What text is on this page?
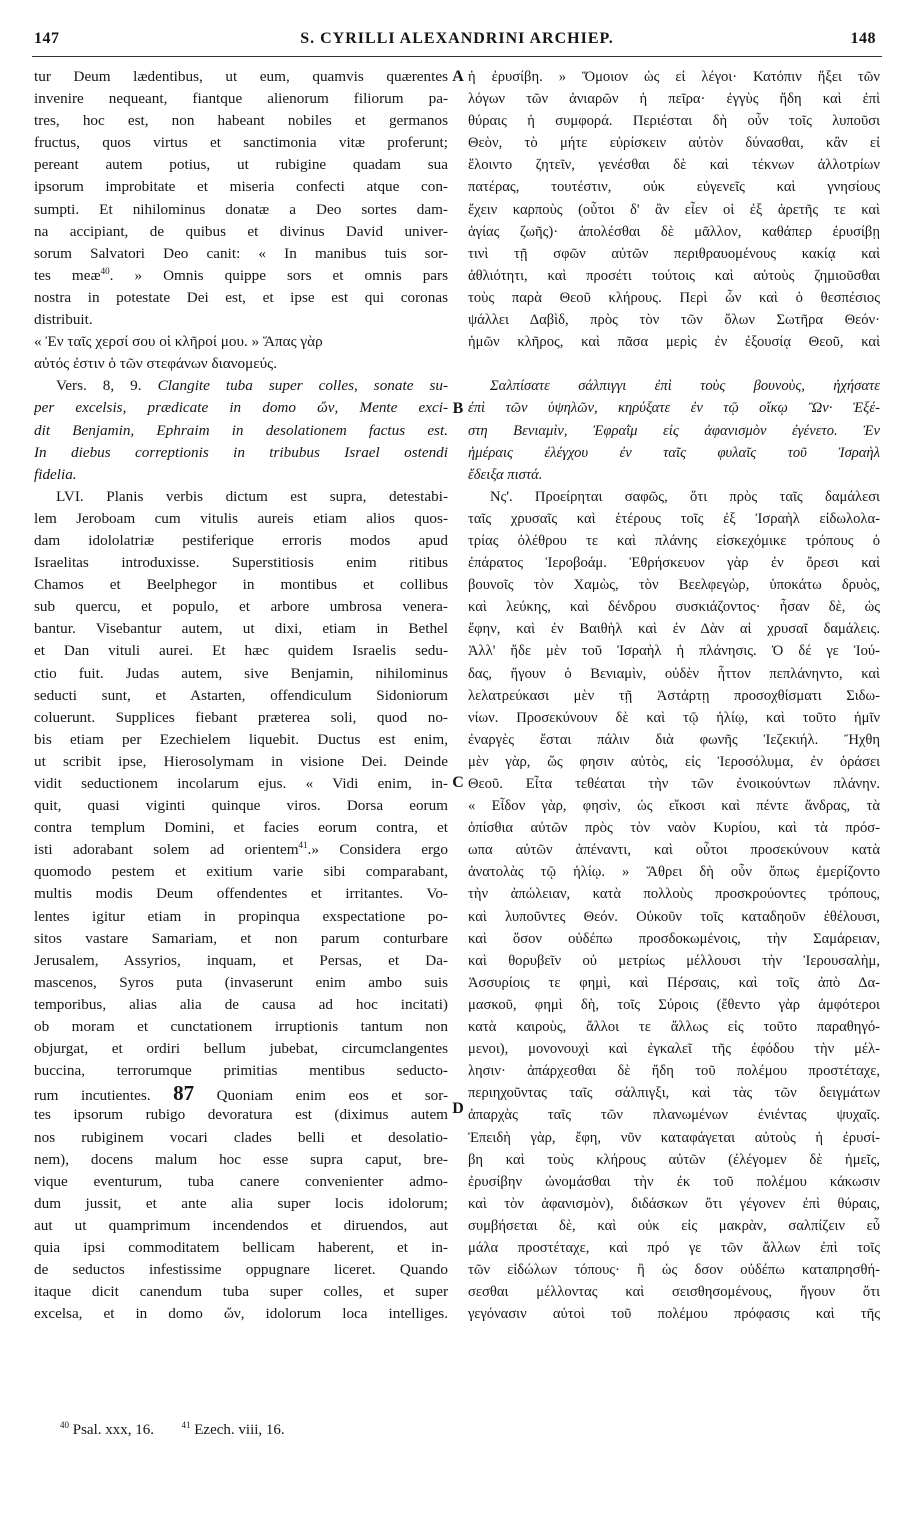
147	S. CYRILLI ALEXANDRINI ARCHIEP.	148
A
B
C
D
tur Deum lædentibus, ut eum, quamvis quærentes
invenire nequeant, fiantque alienorum filiorum pa-
tres, hoc est, non habeant nobiles et germanos
fructus, quos virtus et sanctimonia vitæ proferunt;
pereant autem potius, ut rubigine quadam sua
ipsorum improbitate et miseria confecti atque con-
sumpti. Et nihilominus donatæ a Deo sortes dam-
na accipiant, de quibus et divinus David univer-
sorum Salvatori Deo canit: « In manibus tuis sor-
tes meæ$^{40}$. » Omnis quippe sors et omnis pars
nostra in potestate Dei est, et ipse est qui coronas
distribuit.
« Ἐν ταῖς χερσί σου οἱ κλῆροί μου. » Ἅπας γὰρ
αὐτός ἐστιν ὁ τῶν στεφάνων διανομεύς.
Vers. 8, 9. Clangite tuba super colles, sonate su-
per excelsis, prædicate in domo ὤν, Mente exci-
dit Benjamin, Ephraim in desolationem factus est.
In diebus correptionis in tribubus Israel ostendi
fidelia.
LVI. Planis verbis dictum est supra, detestabi-
lem Jeroboam cum vitulis aureis etiam alios quos-
dam idololatriæ pestiferique erroris modos apud
Israelitas introduxisse. Superstitiosis enim ritibus
Chamos et Beelphegor in montibus et collibus
sub quercu, et populo, et arbore umbrosa venera-
bantur. Visebantur autem, ut dixi, etiam in Bethel
et Dan vituli aurei. Et hæc quidem Israelis sedu-
ctio fuit. Judas autem, sive Benjamin, nihilominus
seducti sunt, et Astarten, offendiculum Sidoniorum
coluerunt. Supplices fiebant præterea soli, quod no-
bis etiam per Ezechielem liquebit. Ductus est enim,
ut scribit ipse, Hierosolymam in visione Dei. Deinde
vidit seductionem incolarum ejus. « Vidi enim, in-
quit, quasi viginti quinque viros. Dorsa eorum
contra templum Domini, et facies eorum contra, et
isti adorabant solem ad orientem$^{41}$.» Considera ergo
quomodo pestem et exitium varie sibi comparabant,
multis modis Deum offendentes et irritantes. Vo-
lentes igitur etiam in propinqua exspectatione po-
sitos vastare Samariam, et non parum conturbare
Jerusalem, Assyrios, inquam, et Persas, et Da-
mascenos, Syros puta (invaserunt enim ambo suis
temporibus, alias alia de causa ad hoc incitati)
ob moram et cunctationem irruptionis tantum non
objurgat, et ordiri bellum jubebat, circumclangentes
buccina, terrorumque primitias mentibus seducto-
rum incutientes. 87 Quoniam enim eos et sor-
tes ipsorum rubigo devoratura est (diximus autem
nos rubiginem vocari clades belli et desolatio-
nem), docens malum hoc esse supra caput, bre-
vique eventurum, tuba canere convenienter admo-
dum jussit, et ante alia super locis idolorum;
aut ut quamprimum incendendos et diruendos, aut
quia ipsi commoditatem bellicam haberent, et in-
de seductos infestissime oppugnare liceret. Quando
itaque dicit canendum tuba super colles, et super
excelsa, et in domo ὤν, idolorum loca intelliges.
ἡ ἐρυσίβη. » Ὅμοιον ὡς εἰ λέγοι· Κατόπιν ἥξει τῶν
λόγων τῶν ἀνιαρῶν ἡ πεῖρα· ἐγγὺς ἤδη καὶ ἐπὶ
θύραις ἡ συμφορά. Περιέσται δὴ οὖν τοῖς λυποῦσι
Θεὸν, τὸ μήτε εὑρίσκειν αὐτὸν δύνασθαι, κἂν εἰ
ἕλοιντο ζητεῖν, γενέσθαι δὲ καὶ τέκνων ἀλλοτρίων
πατέρας, τουτέστιν, οὐκ εὐγενεῖς καὶ γνησίους
ἔχειν καρποὺς (οὗτοι δ' ἂν εἶεν οἱ ἐξ ἀρετῆς τε καὶ
ἁγίας ζωῆς)· ἀπολέσθαι δὲ μᾶλλον, καθάπερ ἐρυσίβῃ
τινὶ τῇ σφῶν αὐτῶν περιθραυομένους κακίᾳ καὶ
ἀθλιότητι, καὶ προσέτι τούτοις καὶ αὐτοὺς ζημιοῦσθαι
τοὺς παρὰ Θεοῦ κλήρους. Περὶ ὧν καὶ ὁ θεσπέσιος
ψάλλει Δαβὶδ, πρὸς τὸν τῶν ὅλων Σωτῆρα Θεόν·
ἡμῶν κλῆρος, καὶ πᾶσα μερὶς ἐν ἐξουσίᾳ Θεοῦ, καὶ
Σαλπίσατε σάλπιγγι ἐπὶ τοὺς βουνοὺς, ἠχήσατε
ἐπὶ τῶν ὑψηλῶν, κηρύξατε ἐν τῷ οἴκῳ Ὢν· Ἐξέ-
στη Βενιαμὶν, Ἐφραῒμ εἰς ἀφανισμὸν ἐγένετο. Ἐν
ἡμέραις ἐλέγχου ἐν ταῖς φυλαῖς τοῦ Ἰσραὴλ
ἔδειξα πιστά.
Nς'. Προείρηται σαφῶς, ὅτι πρὸς ταῖς δαμάλεσι
ταῖς χρυσαῖς καὶ ἑτέρους τοῖς ἐξ Ἰσραὴλ εἰδωλολα-
τρίας ὀλέθρου τε καὶ πλάνης εἰσκεχόμικε τρόπους ὁ
ἐπάρατος Ἱεροβοάμ. Ἐθρήσκευον γὰρ ἐν ὄρεσι καὶ
βουνοῖς τὸν Χαμὼς, τὸν Βεελφεγὼρ, ὑποκάτω δρυὸς,
καὶ λεύκης, καὶ δένδρου συσκιάζοντος· ἦσαν δὲ, ὡς
ἔφην, καὶ ἐν Βαιθὴλ καὶ ἐν Δὰν αἱ χρυσαῖ δαμάλεις.
Ἀλλ' ἤδε μὲν τοῦ Ἰσραὴλ ἡ πλάνησις. Ὁ δέ γε Ἰού-
δας, ἤγουν ὁ Βενιαμὶν, οὐδὲν ἧττον πεπλάνηντο, καὶ
λελατρεύκασι μὲν τῇ Ἀστάρτῃ προσοχθίσματι Σιδω-
νίων. Προσεκύνουν δὲ καὶ τῷ ἡλίῳ, καὶ τοῦτο ἡμῖν
ἐναργὲς ἔσται πάλιν διὰ φωνῆς Ἰεζεκιήλ. Ἤχθη
μὲν γὰρ, ὥς φησιν αὐτὸς, εἰς Ἱεροσόλυμα, ἐν ὁράσει
Θεοῦ. Εἶτα τεθέαται τὴν τῶν ἐνοικούντων πλάνην.
« Εἶδον γὰρ, φησὶν, ὡς εἴκοσι καὶ πέντε ἄνδρας, τὰ
ὀπίσθια αὐτῶν πρὸς τὸν ναὸν Κυρίου, καὶ τὰ πρόσ-
ωπα αὐτῶν ἀπέναντι, καὶ οὗτοι προσεκύνουν κατὰ
ἀνατολὰς τῷ ἡλίῳ. » Ἄθρει δὴ οὖν ὅπως ἐμερίζοντο
τὴν ἀπώλειαν, κατὰ πολλοὺς προσκρούοντες τρόπους,
καὶ λυποῦντες Θεόν. Οὐκοῦν τοῖς καταδηοῦν ἐθέλουσι,
καὶ ὅσον οὐδέπω προσδοκωμένοις, τὴν Σαμάρειαν,
καὶ θορυβεῖν οὐ μετρίως μέλλουσι τὴν Ἱερουσαλὴμ,
Ἀσσυρίοις τε φημὶ, καὶ Πέρσαις, καὶ τοῖς ἀπὸ Δα-
μασκοῦ, φημὶ δὴ, τοῖς Σύροις (ἔθεντο γὰρ ἀμφότεροι
κατὰ καιροὺς, ἄλλοι τε ἄλλως εἰς τοῦτο παραθηγό-
μενοι), μονονουχὶ καὶ ἐγκαλεῖ τῆς ἐφόδου τὴν μέλ-
λησιν· ἀπάρχεσθαι δὲ ἤδη τοῦ πολέμου προστέταχε,
περιηχοῦντας ταῖς σάλπιγξι, καὶ τὰς τῶν δειγμάτων
ἀπαρχὰς ταῖς τῶν πλανωμένων ἐνιέντας ψυχαῖς.
Ἐπειδὴ γὰρ, ἔφη, νῦν καταφάγεται αὐτοὺς ἡ ἐρυσί-
βη καὶ τοὺς κλήρους αὐτῶν (ἐλέγομεν δὲ ἡμεῖς,
ἐρυσίβην ὠνομάσθαι τὴν ἐκ τοῦ πολέμου κάκωσιν
καὶ τὸν ἀφανισμὸν), διδάσκων ὅτι γέγονεν ἐπὶ θύραις,
συμβήσεται δὲ, καὶ οὐκ εἰς μακρὰν, σαλπίζειν εὖ
μάλα προστέταχε, καὶ πρό γε τῶν ἄλλων ἐπὶ τοῖς
τῶν εἰδώλων τόπους· ἢ ὡς δσον οὐδέπω καταπρησθή-
σεσθαι μέλλοντας καὶ σεισθησομένους, ἤγουν ὅτι
γεγόνασιν αὐτοὶ τοῦ πολέμου πρόφασις καὶ τῆς
$^{40}$ Psal. xxx, 16.	$^{41}$ Ezech. viii, 16.
